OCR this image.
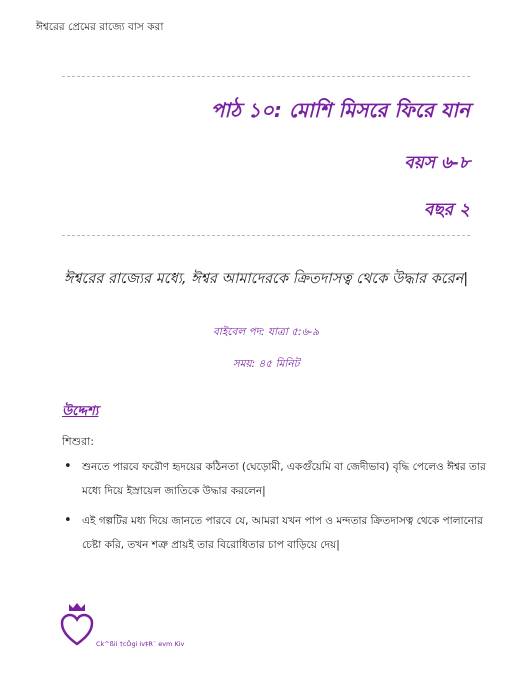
ঈশ্বরের প্রেমের রাজ্যে বাস করা
পাঠ ১০: মোশি মিসরে ফিরে যান
বয়স ৬-৮
বছর ২
ঈশ্বরের রাজ্যের মধ্যে, ঈশ্বর আমাদেরকে ক্রিতদাসত্ব থেকে উদ্ধার করেন|
বাইবেল পদ: যাত্রা ৫:৬-৯
সময়: ৪৫ মিনিট
উদ্দেশ্য
শিশুরা:
• শুনতে পারবে ফরৌণ হৃদয়ের কঠিনতা (ঘেড়োমী, একগুঁয়েমি বা জেদীভাব) বৃদ্ধি পেলেও ঈশ্বর তার মধ্যে দিয়ে ইস্রায়েল জাতিকে উদ্ধার করলেন|
• এই গল্পটির মধ্য দিয়ে জানতে পারবে যে, আমরা যখন পাপ ও মন্দতার ক্রিতদাসত্ব থেকে পালানোর চেষ্টা করি, তখন শত্রু প্রায়ই তার বিরোধিতার চাপ বাড়িয়ে দেয়|
Ck^ßii †cÖgi iv‡R¨ evm Kiv
